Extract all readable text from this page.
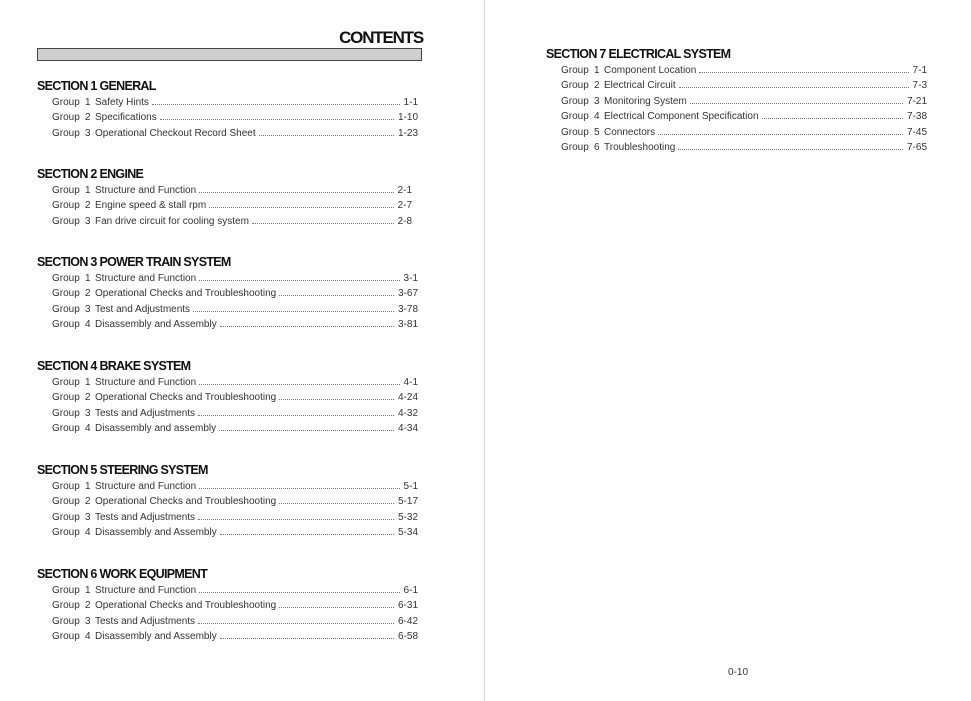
CONTENTS
SECTION 1 GENERAL
Group 1 Safety Hints	1-1
Group 2 Specifications	1-10
Group 3 Operational Checkout Record Sheet	1-23
SECTION 2 ENGINE
Group 1 Structure and Function	2-1
Group 2 Engine speed & stall rpm	2-7
Group 3 Fan drive circuit for cooling system	2-8
SECTION 3 POWER TRAIN SYSTEM
Group 1 Structure and Function	3-1
Group 2 Operational Checks and Troubleshooting	3-67
Group 3 Test and Adjustments	3-78
Group 4 Disassembly and Assembly	3-81
SECTION 4 BRAKE SYSTEM
Group 1 Structure and Function	4-1
Group 2 Operational Checks and Troubleshooting	4-24
Group 3 Tests and Adjustments	4-32
Group 4 Disassembly and assembly	4-34
SECTION 5 STEERING SYSTEM
Group 1 Structure and Function	5-1
Group 2 Operational Checks and Troubleshooting	5-17
Group 3 Tests and Adjustments	5-32
Group 4 Disassembly and Assembly	5-34
SECTION 6 WORK EQUIPMENT
Group 1 Structure and Function	6-1
Group 2 Operational Checks and Troubleshooting	6-31
Group 3 Tests and Adjustments	6-42
Group 4 Disassembly and Assembly	6-58
SECTION 7 ELECTRICAL SYSTEM
Group 1 Component Location	7-1
Group 2 Electrical Circuit	7-3
Group 3 Monitoring System	7-21
Group 4 Electrical Component Specification	7-38
Group 5 Connectors	7-45
Group 6 Troubleshooting	7-65
0-10
